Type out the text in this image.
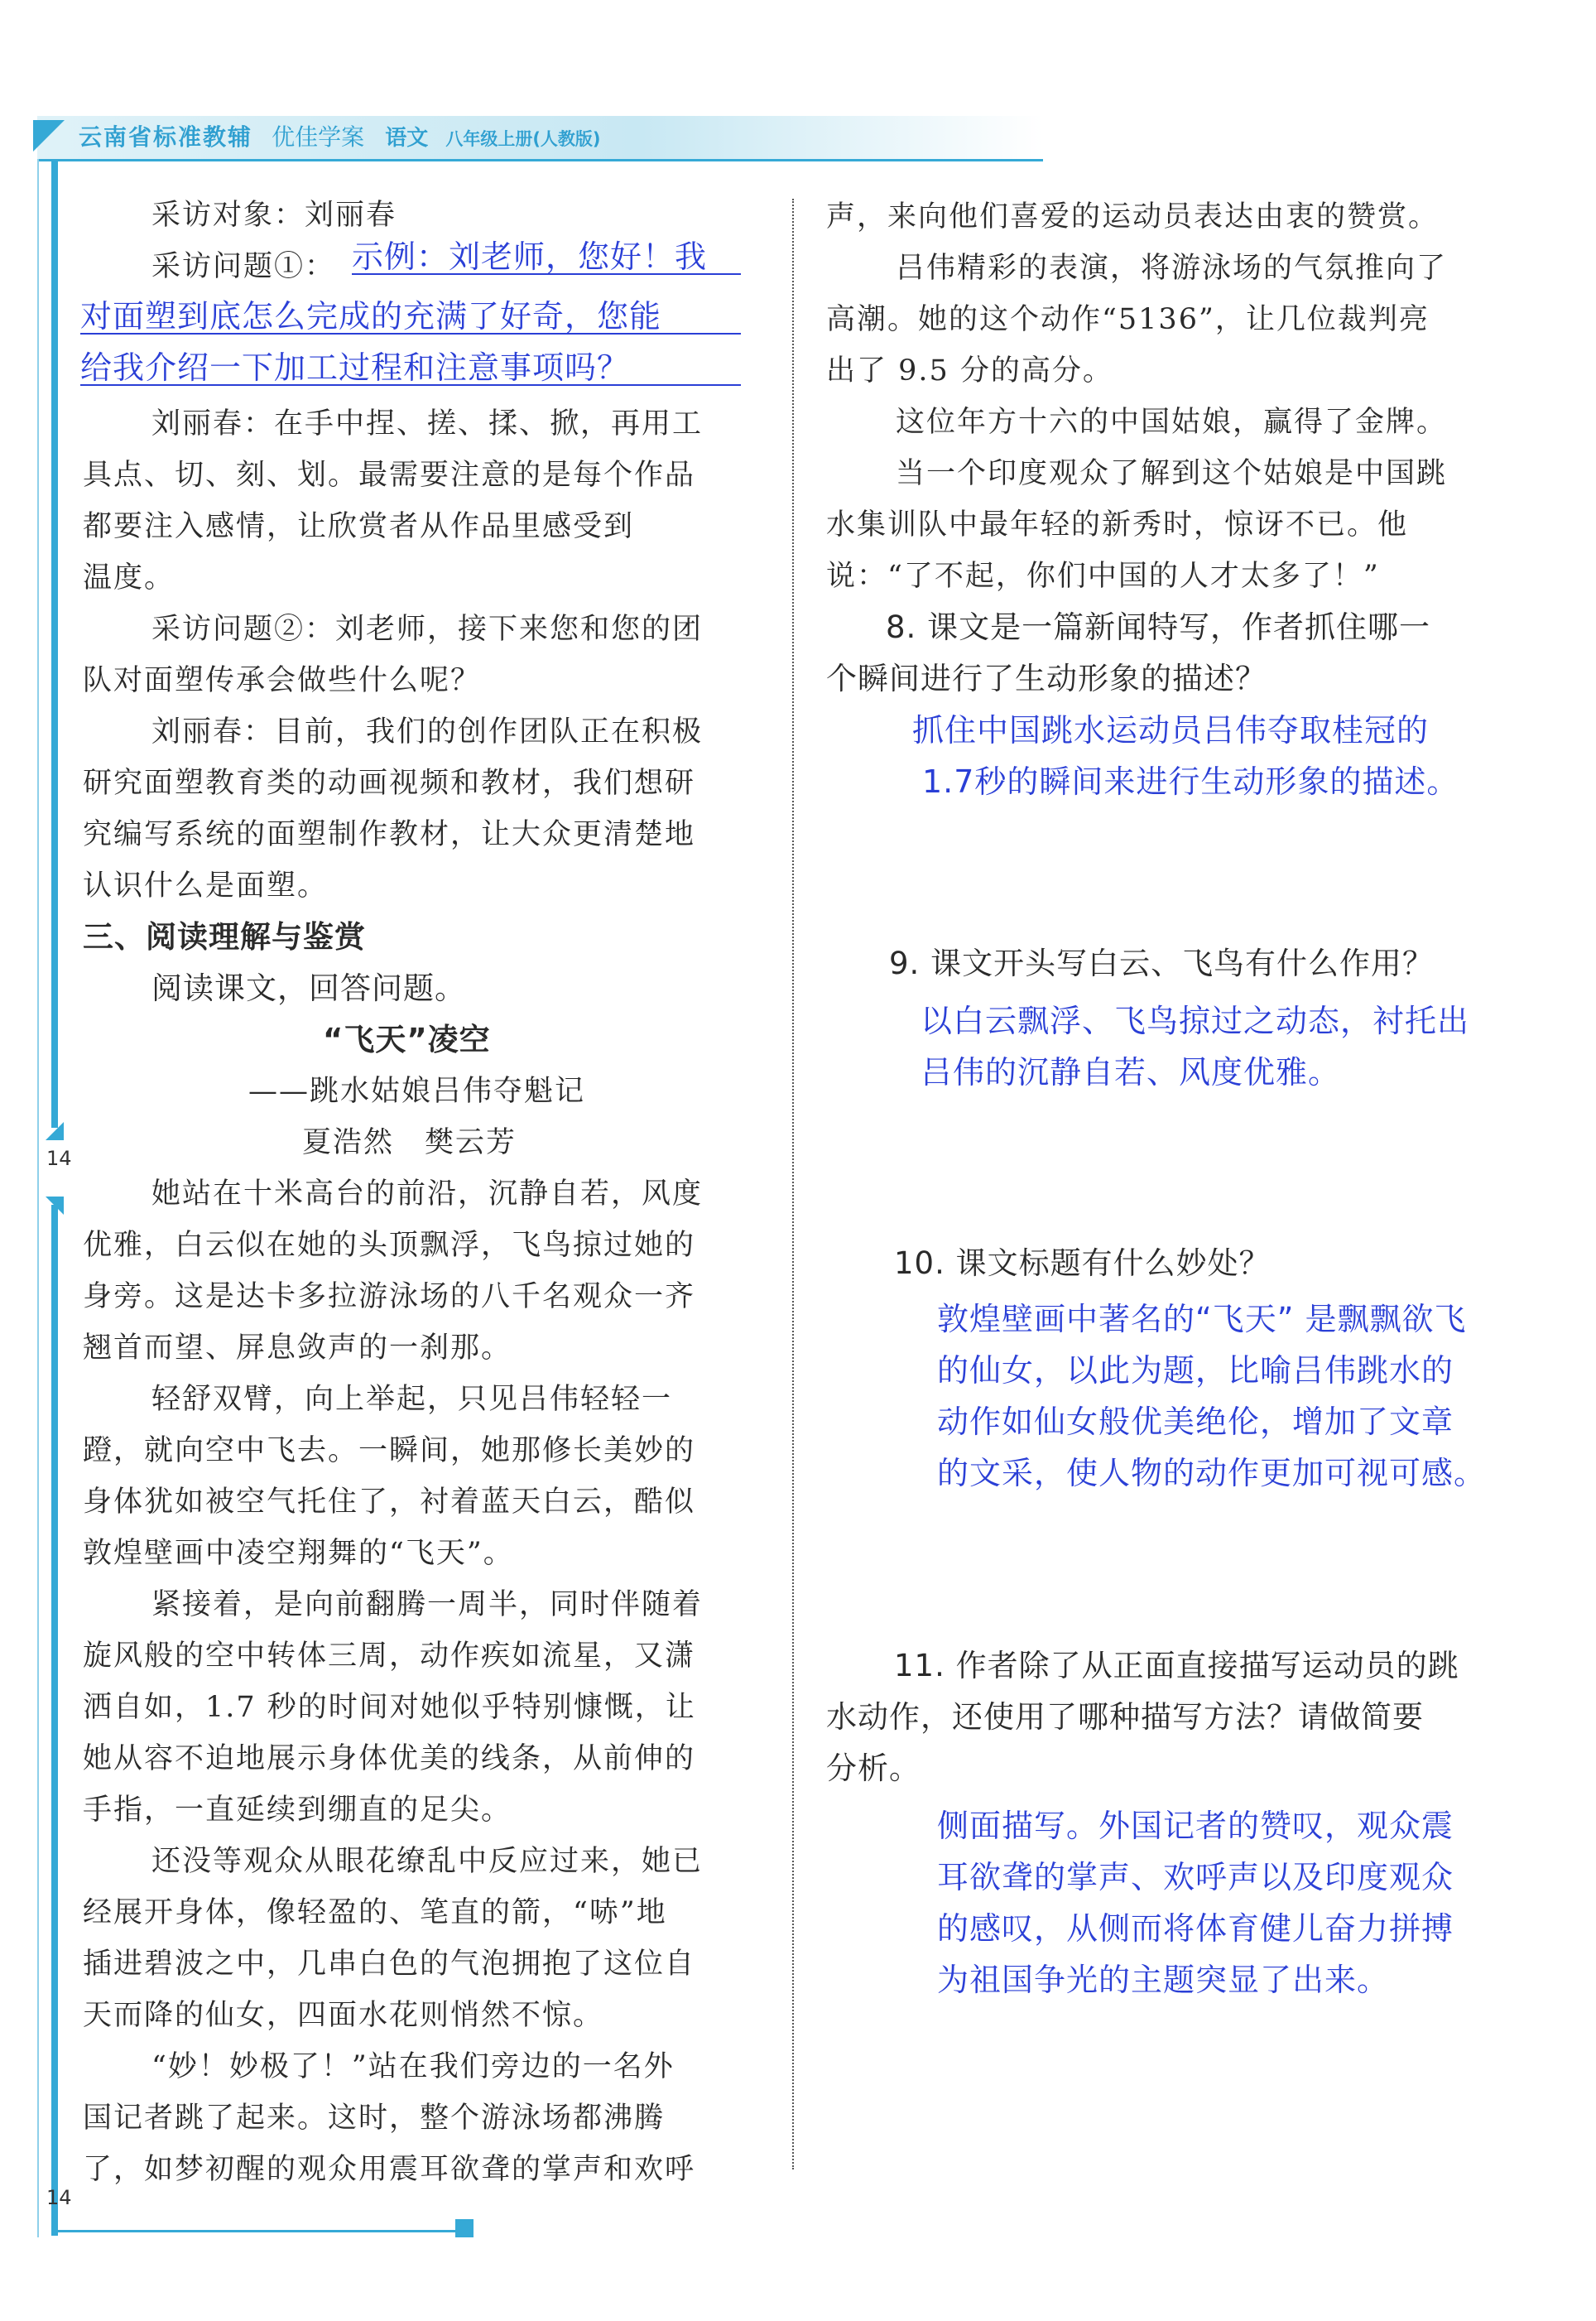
云南省标准教辅 优佳学案 语文 八年级上册(人教版)
14
14
采访对象：刘丽春
采访问题①： 示例：刘老师，您好！我
对面塑到底怎么完成的充满了好奇，您能
给我介绍一下加工过程和注意事项吗？
刘丽春：在手中捏、搓、揉、掀，再用工
具点、切、刻、划。最需要注意的是每个作品
都要注入感情，让欣赏者从作品里感受到
温度。
采访问题②：刘老师，接下来您和您的团
队对面塑传承会做些什么呢？
刘丽春：目前，我们的创作团队正在积极
研究面塑教育类的动画视频和教材，我们想研
究编写系统的面塑制作教材，让大众更清楚地
认识什么是面塑。
三、阅读理解与鉴赏
阅读课文，回答问题。
“飞天”凌空
——跳水姑娘吕伟夺魁记
夏浩然　樊云芳
她站在十米高台的前沿，沉静自若，风度
优雅，白云似在她的头顶飘浮，飞鸟掠过她的
身旁。这是达卡多拉游泳场的八千名观众一齐
翘首而望、屏息敛声的一刹那。
轻舒双臂，向上举起，只见吕伟轻轻一
蹬，就向空中飞去。一瞬间，她那修长美妙的
身体犹如被空气托住了，衬着蓝天白云，酷似
敦煌壁画中凌空翔舞的“飞天”。
紧接着，是向前翻腾一周半，同时伴随着
旋风般的空中转体三周，动作疾如流星，又潇
洒自如，1.7 秒的时间对她似乎特别慷慨，让
她从容不迫地展示身体优美的线条，从前伸的
手指，一直延续到绷直的足尖。
还没等观众从眼花缭乱中反应过来，她已
经展开身体，像轻盈的、笔直的箭，“哧”地
插进碧波之中，几串白色的气泡拥抱了这位自
天而降的仙女，四面水花则悄然不惊。
“妙！妙极了！”站在我们旁边的一名外
国记者跳了起来。这时，整个游泳场都沸腾
了，如梦初醒的观众用震耳欲聋的掌声和欢呼
声，来向他们喜爱的运动员表达由衷的赞赏。
吕伟精彩的表演，将游泳场的气氛推向了
高潮。她的这个动作“5136”，让几位裁判亮
出了 9.5 分的高分。
这位年方十六的中国姑娘，赢得了金牌。
当一个印度观众了解到这个姑娘是中国跳
水集训队中最年轻的新秀时，惊讶不已。他
说：“了不起，你们中国的人才太多了！”
8. 课文是一篇新闻特写，作者抓住哪一
个瞬间进行了生动形象的描述？
抓住中国跳水运动员吕伟夺取桂冠的
1.7秒的瞬间来进行生动形象的描述。
9. 课文开头写白云、飞鸟有什么作用？
以白云飘浮、飞鸟掠过之动态，衬托出
吕伟的沉静自若、风度优雅。
10. 课文标题有什么妙处？
敦煌壁画中著名的“飞天” 是飘飘欲飞
的仙女，以此为题，比喻吕伟跳水的
动作如仙女般优美绝伦，增加了文章
的文采，使人物的动作更加可视可感。
11. 作者除了从正面直接描写运动员的跳
水动作，还使用了哪种描写方法？请做简要
分析。
侧面描写。外国记者的赞叹，观众震
耳欲聋的掌声、欢呼声以及印度观众
的感叹，从侧而将体育健儿奋力拼搏
为祖国争光的主题突显了出来。
